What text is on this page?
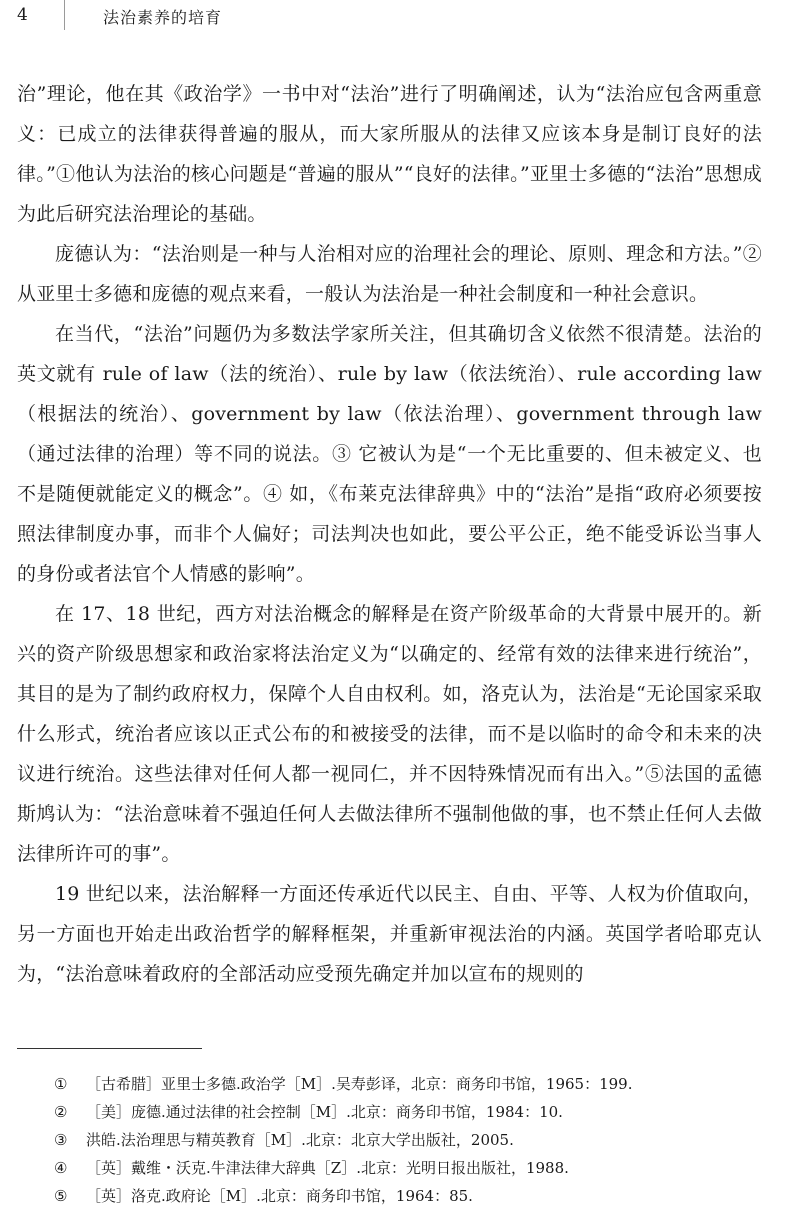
4	法治素养的培育

治”理论，他在其《政治学》一书中对“法治”进行了明确阐述，认为“法治应包含两重意义：已成立的法律获得普遍的服从，而大家所服从的法律又应该本身是制订良好的法律。”①他认为法治的核心问题是“普遍的服从”“良好的法律。”亚里士多德的“法治”思想成为此后研究法治理论的基础。

庞德认为：“法治则是一种与人治相对应的治理社会的理论、原则、理念和方法。”②从亚里士多德和庞德的观点来看，一般认为法治是一种社会制度和一种社会意识。

在当代，“法治”问题仍为多数法学家所关注，但其确切含义依然不很清楚。法治的英文就有 rule of law（法的统治）、rule by law（依法统治）、rule according law（根据法的统治）、government by law（依法治理）、government through law（通过法律的治理）等不同的说法。③ 它被认为是“一个无比重要的、但未被定义、也不是随便就能定义的概念”。④ 如，《布莱克法律辞典》中的“法治”是指“政府必须要按照法律制度办事，而非个人偏好；司法判决也如此，要公平公正，绝不能受诉讼当事人的身份或者法官个人情感的影响”。

在 17、18 世纪，西方对法治概念的解释是在资产阶级革命的大背景中展开的。新兴的资产阶级思想家和政治家将法治定义为“以确定的、经常有效的法律来进行统治”，其目的是为了制约政府权力，保障个人自由权利。如，洛克认为，法治是“无论国家采取什么形式，统治者应该以正式公布的和被接受的法律，而不是以临时的命令和未来的决议进行统治。这些法律对任何人都一视同仁，并不因特殊情况而有出入。”⑤法国的孟德斯鸠认为：“法治意味着不强迫任何人去做法律所不强制他做的事，也不禁止任何人去做法律所许可的事”。

19 世纪以来，法治解释一方面还传承近代以民主、自由、平等、人权为价值取向，另一方面也开始走出政治哲学的解释框架，并重新审视法治的内涵。英国学者哈耶克认为，“法治意味着政府的全部活动应受预先确定并加以宣布的规则的

① ［古希腊］亚里士多德.政治学［M］.吴寿彭译，北京：商务印书馆，1965：199.
② ［美］庞德.通过法律的社会控制［M］.北京：商务印书馆，1984：10.
③ 洪皓.法治理思与精英教育［M］.北京：北京大学出版社，2005.
④ ［英］戴维・沃克.牛津法律大辞典［Z］.北京：光明日报出版社，1988.
⑤ ［英］洛克.政府论［M］.北京：商务印书馆，1964：85.
